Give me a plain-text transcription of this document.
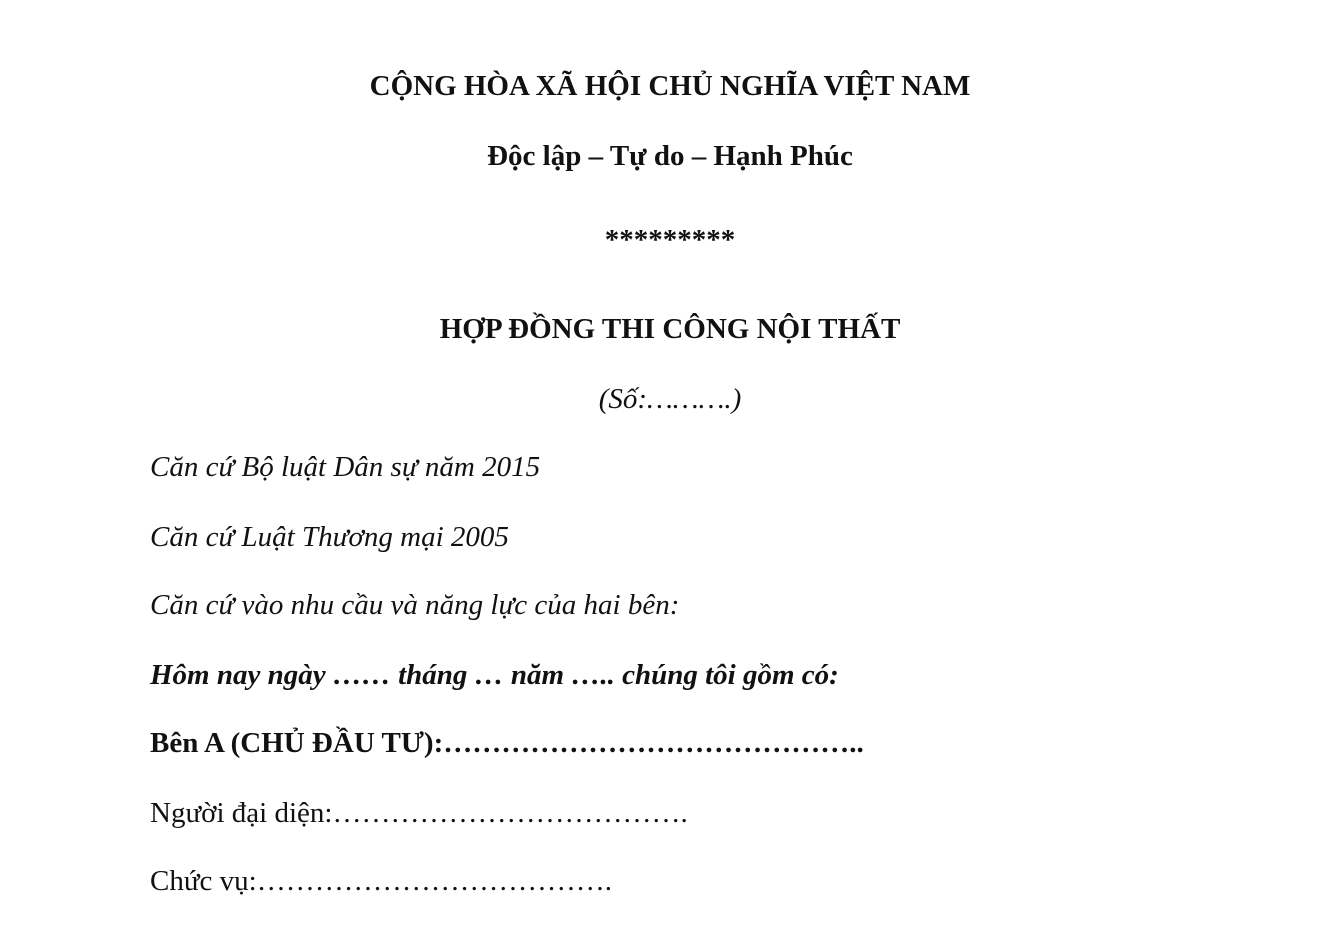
CỘNG HÒA XÃ HỘI CHỦ NGHĨA VIỆT NAM
Độc lập – Tự do – Hạnh Phúc
*********
HỢP ĐỒNG THI CÔNG NỘI THẤT
(Số:……….)
Căn cứ Bộ luật Dân sự năm 2015
Căn cứ Luật Thương mại 2005
Căn cứ vào nhu cầu và năng lực của hai bên:
Hôm nay ngày …… tháng … năm ….. chúng tôi gồm có:
Bên A (CHỦ ĐẦU TƯ):……………………………………..
Người đại diện:……………………………….
Chức vụ:……………………………….
